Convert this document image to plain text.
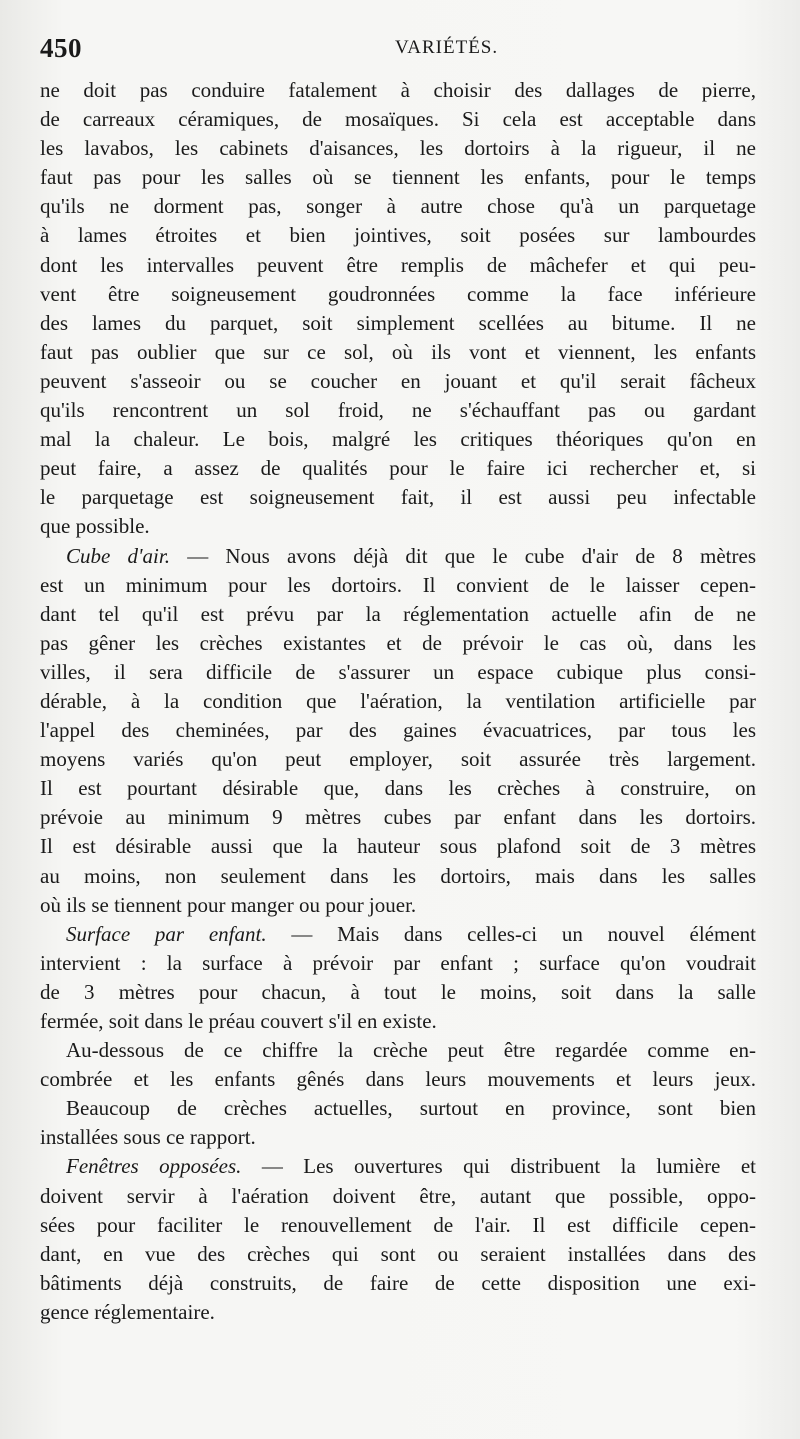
450	VARIÉTÉS.
ne doit pas conduire fatalement à choisir des dallages de pierre,
de carreaux céramiques, de mosaïques. Si cela est acceptable dans
les lavabos, les cabinets d'aisances, les dortoirs à la rigueur, il ne
faut pas pour les salles où se tiennent les enfants, pour le temps
qu'ils ne dorment pas, songer à autre chose qu'à un parquetage
à lames étroites et bien jointives, soit posées sur lambourdes
dont les intervalles peuvent être remplis de mâchefer et qui peu-
vent être soigneusement goudronnées comme la face inférieure
des lames du parquet, soit simplement scellées au bitume. Il ne
faut pas oublier que sur ce sol, où ils vont et viennent, les enfants
peuvent s'asseoir ou se coucher en jouant et qu'il serait fâcheux
qu'ils rencontrent un sol froid, ne s'échauffant pas ou gardant
mal la chaleur. Le bois, malgré les critiques théoriques qu'on en
peut faire, a assez de qualités pour le faire ici rechercher et, si
le parquetage est soigneusement fait, il est aussi peu infectable
que possible.
Cube d'air. — Nous avons déjà dit que le cube d'air de 8 mètres
est un minimum pour les dortoirs. Il convient de le laisser cepen-
dant tel qu'il est prévu par la réglementation actuelle afin de ne
pas gêner les crèches existantes et de prévoir le cas où, dans les
villes, il sera difficile de s'assurer un espace cubique plus consi-
dérable, à la condition que l'aération, la ventilation artificielle par
l'appel des cheminées, par des gaines évacuatrices, par tous les
moyens variés qu'on peut employer, soit assurée très largement.
Il est pourtant désirable que, dans les crèches à construire, on
prévoie au minimum 9 mètres cubes par enfant dans les dortoirs.
Il est désirable aussi que la hauteur sous plafond soit de 3 mètres
au moins, non seulement dans les dortoirs, mais dans les salles
où ils se tiennent pour manger ou pour jouer.
Surface par enfant. — Mais dans celles-ci un nouvel élément
intervient : la surface à prévoir par enfant ; surface qu'on voudrait
de 3 mètres pour chacun, à tout le moins, soit dans la salle
fermée, soit dans le préau couvert s'il en existe.
Au-dessous de ce chiffre la crèche peut être regardée comme en-
combrée et les enfants gênés dans leurs mouvements et leurs jeux.
Beaucoup de crèches actuelles, surtout en province, sont bien
installées sous ce rapport.
Fenêtres opposées. — Les ouvertures qui distribuent la lumière et
doivent servir à l'aération doivent être, autant que possible, oppo-
sées pour faciliter le renouvellement de l'air. Il est difficile cepen-
dant, en vue des crèches qui sont ou seraient installées dans des
bâtiments déjà construits, de faire de cette disposition une exi-
gence réglementaire.
